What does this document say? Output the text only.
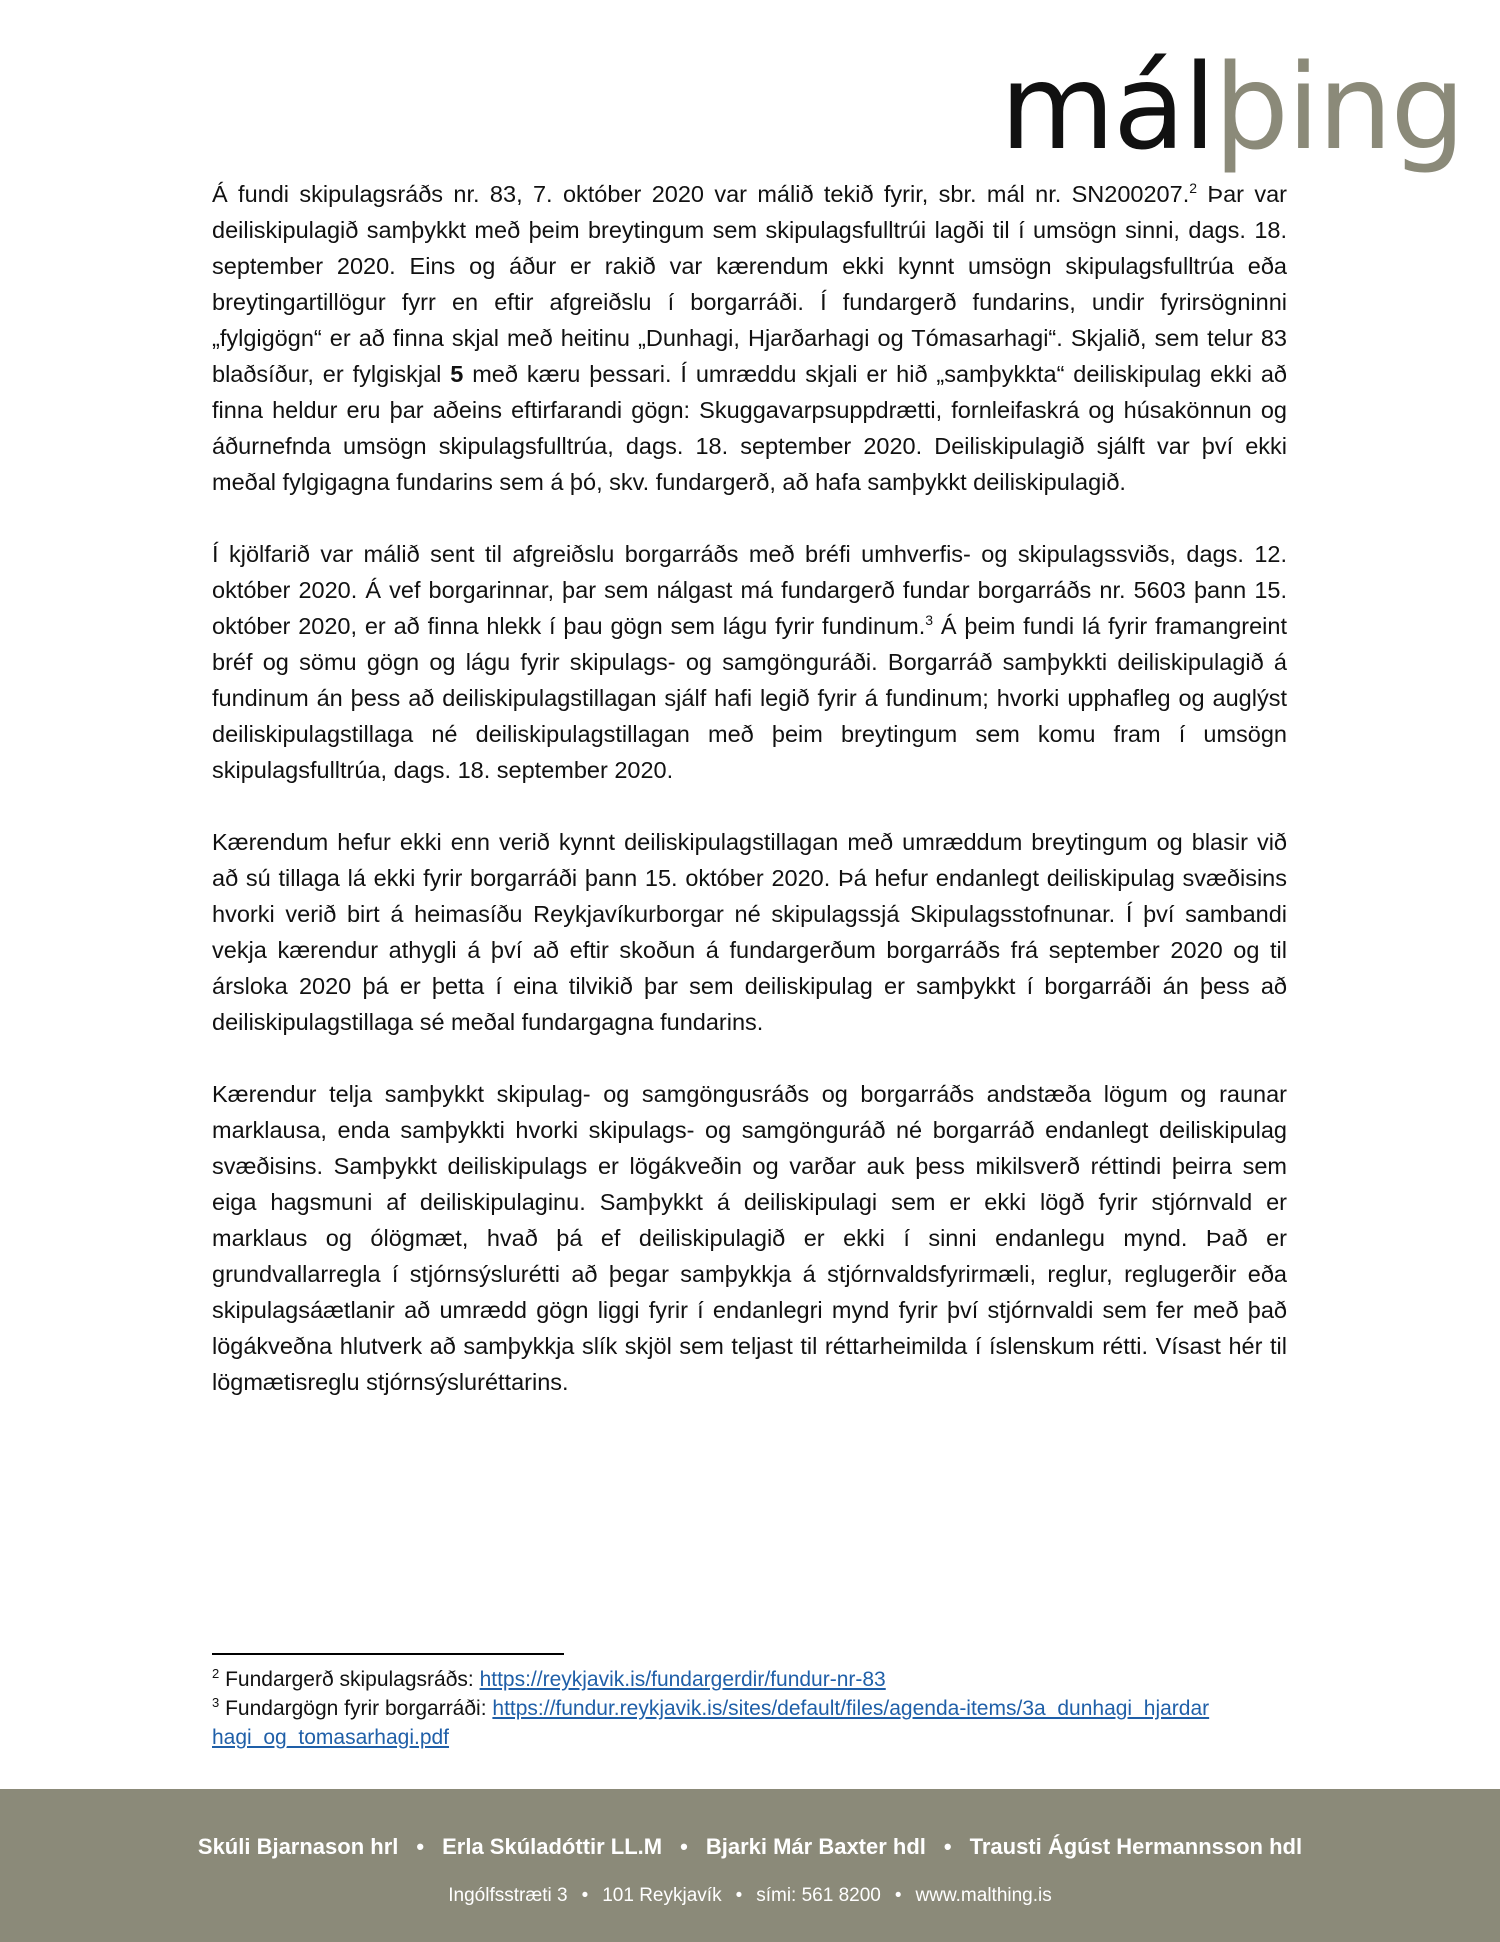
málþing

Á fundi skipulagsráðs nr. 83, 7. október 2020 var málið tekið fyrir, sbr. mál nr. SN200207.$^2$ Þar var deiliskipulagið samþykkt með þeim breytingum sem skipulagsfulltrúi lagði til í umsögn sinni, dags. 18. september 2020. Eins og áður er rakið var kærendum ekki kynnt umsögn skipulagsfulltrúa eða breytingartillögur fyrr en eftir afgreiðslu í borgarráði. Í fundargerð fundarins, undir fyrirsögninni „fylgigögn“ er að finna skjal með heitinu „Dunhagi, Hjarðarhagi og Tómasarhagi“. Skjalið, sem telur 83 blaðsíður, er fylgiskjal 5 með kæru þessari. Í umræddu skjali er hið „samþykkta“ deiliskipulag ekki að finna heldur eru þar aðeins eftirfarandi gögn: Skuggavarpsuppdrætti, fornleifaskrá og húsakönnun og áðurnefnda umsögn skipulagsfulltrúa, dags. 18. september 2020. Deiliskipulagið sjálft var því ekki meðal fylgigagna fundarins sem á þó, skv. fundargerð, að hafa samþykkt deiliskipulagið.

Í kjölfarið var málið sent til afgreiðslu borgarráðs með bréfi umhverfis- og skipulagssviðs, dags. 12. október 2020. Á vef borgarinnar, þar sem nálgast má fundargerð fundar borgarráðs nr. 5603 þann 15. október 2020, er að finna hlekk í þau gögn sem lágu fyrir fundinum.$^3$ Á þeim fundi lá fyrir framangreint bréf og sömu gögn og lágu fyrir skipulags- og samgönguráði. Borgarráð samþykkti deiliskipulagið á fundinum án þess að deiliskipulagstillagan sjálf hafi legið fyrir á fundinum; hvorki upphafleg og auglýst deiliskipulagstillaga né deiliskipulagstillagan með þeim breytingum sem komu fram í umsögn skipulagsfulltrúa, dags. 18. september 2020.

Kærendum hefur ekki enn verið kynnt deiliskipulagstillagan með umræddum breytingum og blasir við að sú tillaga lá ekki fyrir borgarráði þann 15. október 2020. Þá hefur endanlegt deiliskipulag svæðisins hvorki verið birt á heimasíðu Reykjavíkurborgar né skipulagssjá Skipulagsstofnunar. Í því sambandi vekja kærendur athygli á því að eftir skoðun á fundargerðum borgarráðs frá september 2020 og til ársloka 2020 þá er þetta í eina tilvikið þar sem deiliskipulag er samþykkt í borgarráði án þess að deiliskipulagstillaga sé meðal fundargagna fundarins.

Kærendur telja samþykkt skipulag- og samgöngusráðs og borgarráðs andstæða lögum og raunar marklausa, enda samþykkti hvorki skipulags- og samgönguráð né borgarráð endanlegt deiliskipulag svæðisins. Samþykkt deiliskipulags er lögákveðin og varðar auk þess mikilsverð réttindi þeirra sem eiga hagsmuni af deiliskipulaginu. Samþykkt á deiliskipulagi sem er ekki lögð fyrir stjórnvald er marklaus og ólögmæt, hvað þá ef deiliskipulagið er ekki í sinni endanlegu mynd. Það er grundvallarregla í stjórnsýslurétti að þegar samþykkja á stjórnvaldsfyrirmæli, reglur, reglugerðir eða skipulagsáætlanir að umrædd gögn liggi fyrir í endanlegri mynd fyrir því stjórnvaldi sem fer með það lögákveðna hlutverk að samþykkja slík skjöl sem teljast til réttarheimilda í íslenskum rétti. Vísast hér til lögmætisreglu stjórnsýsluréttarins.

$^2$ Fundargerð skipulagsráðs: https://reykjavik.is/fundargerdir/fundur-nr-83
$^3$ Fundargögn fyrir borgarráði: https://fundur.reykjavik.is/sites/default/files/agenda-items/3a_dunhagi_hjardarhagi_og_tomasarhagi.pdf
Skúli Bjarnason hrl • Erla Skúladóttir LL.M • Bjarki Már Baxter hdl • Trausti Ágúst Hermannsson hdl
Ingólfsstræti 3 • 101 Reykjavík • sími: 561 8200 • www.malthing.is
